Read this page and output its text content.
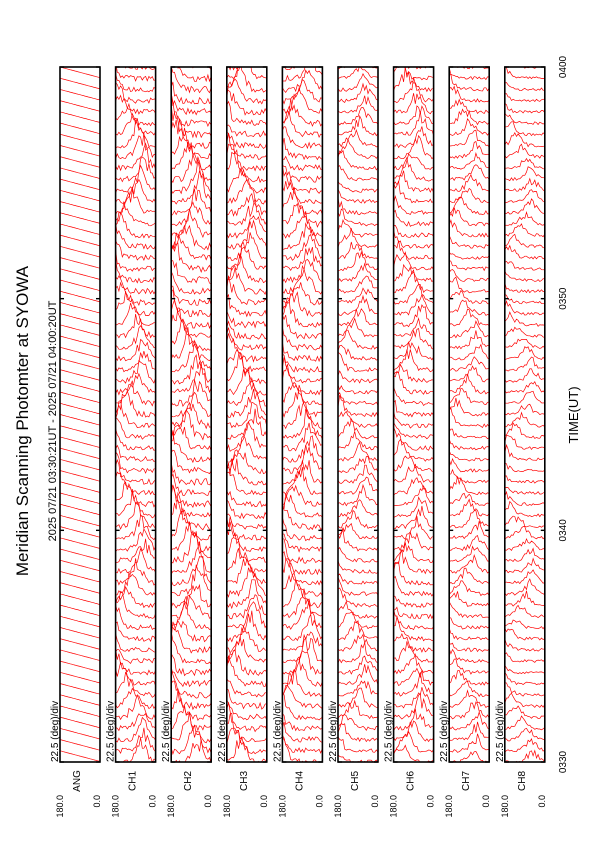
Meridian Scanning Photomter at SYOWA 2025 07/21 03:30:21UT - 2025 07/21 04:00:20UT	TIME(UT)
0330
0340
0350
0400
22.5 (deg)/div
180.0
ANG
0.0
22.5 (deg)/div
180.0
CH1
0.0
22.5 (deg)/div
180.0
CH2
0.0
22.5 (deg)/div
180.0
CH3
0.0
22.5 (deg)/div
180.0
CH4
0.0
22.5 (deg)/div
180.0
CH5
0.0
22.5 (deg)/div
180.0
CH6
0.0
22.5 (deg)/div
180.0
CH7
0.0
22.5 (deg)/div
180.0
CH8
0.0
